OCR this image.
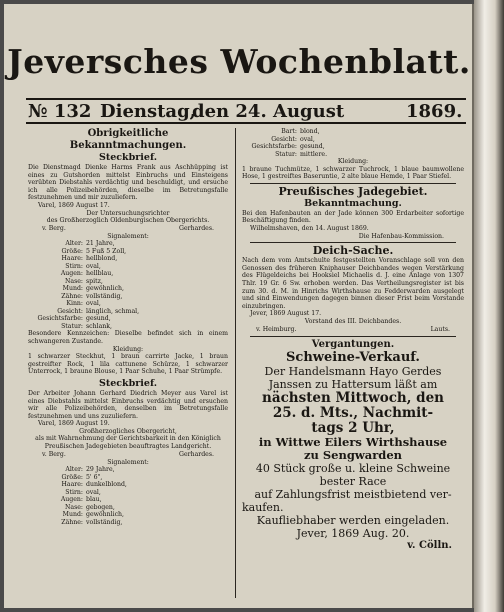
Jeversches Wochenblatt.
№ 132 Dienstag,
den 24. August	1869.
Obrigkeitliche Bekanntmachungen.
Steckbrief.
Die Dienstmagd Dienke Harms Frank aus Aschhüpping ist eines zu Gutshorden mittelst Einbruchs und Einsteigens verübten Diebstahls verdächtig und beschuldigt, und ersuche ich alle Polizeibehörden, dieselbe im Betretungsfalle festzunehmen und mir zuzuliefern.
Varel, 1869 August 17.
Der Untersuchungsrichter
des Großherzoglich Oldenburgischen Obergerichts.
v. Berg.	Gerhardes.
Signalement:
Alter: 21 Jahre,
Größe: 5 Fuß 5 Zoll,
Haare: hellblond,
Stirn: oval,
Augen: hellblau,
Nase: spitz,
Mund: gewöhnlich,
Zähne: vollständig,
Kinn: oval,
Gesicht: länglich, schmal,
Gesichtsfarbe: gesund,
Statur: schlank,
Besondere Kennzeichen: Dieselbe befindet sich in einem schwangeren Zustande.
Kleidung:
1 schwarzer Steckhut, 1 braun carrirte Jacke, 1 braun gestreifter Rock, 1 lila cattunene Schürze, 1 schwarzer Unterrock, 1 braune Blouse, 1 Paar Schuhe, 1 Paar Strümpfe.
Steckbrief.
Der Arbeiter Johann Gerhard Diedrich Meyer aus Varel ist eines Diebstahls mittelst Einbruchs verdächtig und ersuchen wir alle Polizeibehörden, denselben im Betretungsfalle festzunehmen und uns zuzuliefern.
Varel, 1869 August 19.
Großherzogliches Obergericht,
als mit Wahrnehmung der Gerichtsbarkeit in den Königlich Preußischen Jadegebieten beauftragtes Landgericht.
v. Berg.	Gerhardes.
Signalement:
Alter: 29 Jahre,
Größe: 5' 6",
Haare: dunkelblond,
Stirn: oval,
Augen: blau,
Nase: gebogen,
Mund: gewöhnlich,
Zähne: vollständig,
Bart: blond,
Gesicht: oval,
Gesichtsfarbe: gesund,
Statur: mittlere.
Kleidung:
1 braune Tuchmütze, 1 schwarzer Tuchrock, 1 blaue baumwollene Hose, 1 gestreiftes Baseruntie, 2 alte blaue Hemde, 1 Paar Stiefel.
Preußisches Jadegebiet.
Bekanntmachung.
Bei den Hafenbauten an der Jade können 300 Erdarbeiter sofortige Beschäftigung finden.
Wilhelmshaven, den 14. August 1869.
Die Hafenbau-Kommission.
Deich-Sache.
Nach dem vom Amtschulte festgestellten Voranschlage soll von den Genossen des früheren Kniphauser Deichbandes wegen Verstärkung des Flügeldeichs bei Hooksiel Michaelis d. J. eine Anlage von 1307 Thlr. 19 Gr. 6 Sw. erhoben werden. Das Vertheilungsregister ist bis zum 30. d. M. in Hinrichs Wirthshause zu Fedderwarden ausgelegt und sind Einwendungen dagegen binnen dieser Frist beim Vorstande einzubringen.
Jever, 1869 August 17.
Vorstand des III. Deichbandes.
v. Heimburg.	Lauts.
Vergantungen.
Schweine-Verkauf.
Der Handelsmann Hayo Gerdes
Janssen zu Hattersum läßt am
nächsten Mittwoch, den
25. d. Mts., Nachmit-
tags 2 Uhr,
in Wittwe Eilers Wirthshause
zu Sengwarden
40 Stück große u. kleine Schweine
bester Race
auf Zahlungsfrist meistbietend ver-
kaufen.
Kaufliebhaber werden eingeladen.
Jever, 1869 Aug. 20.
v. Cölln.
